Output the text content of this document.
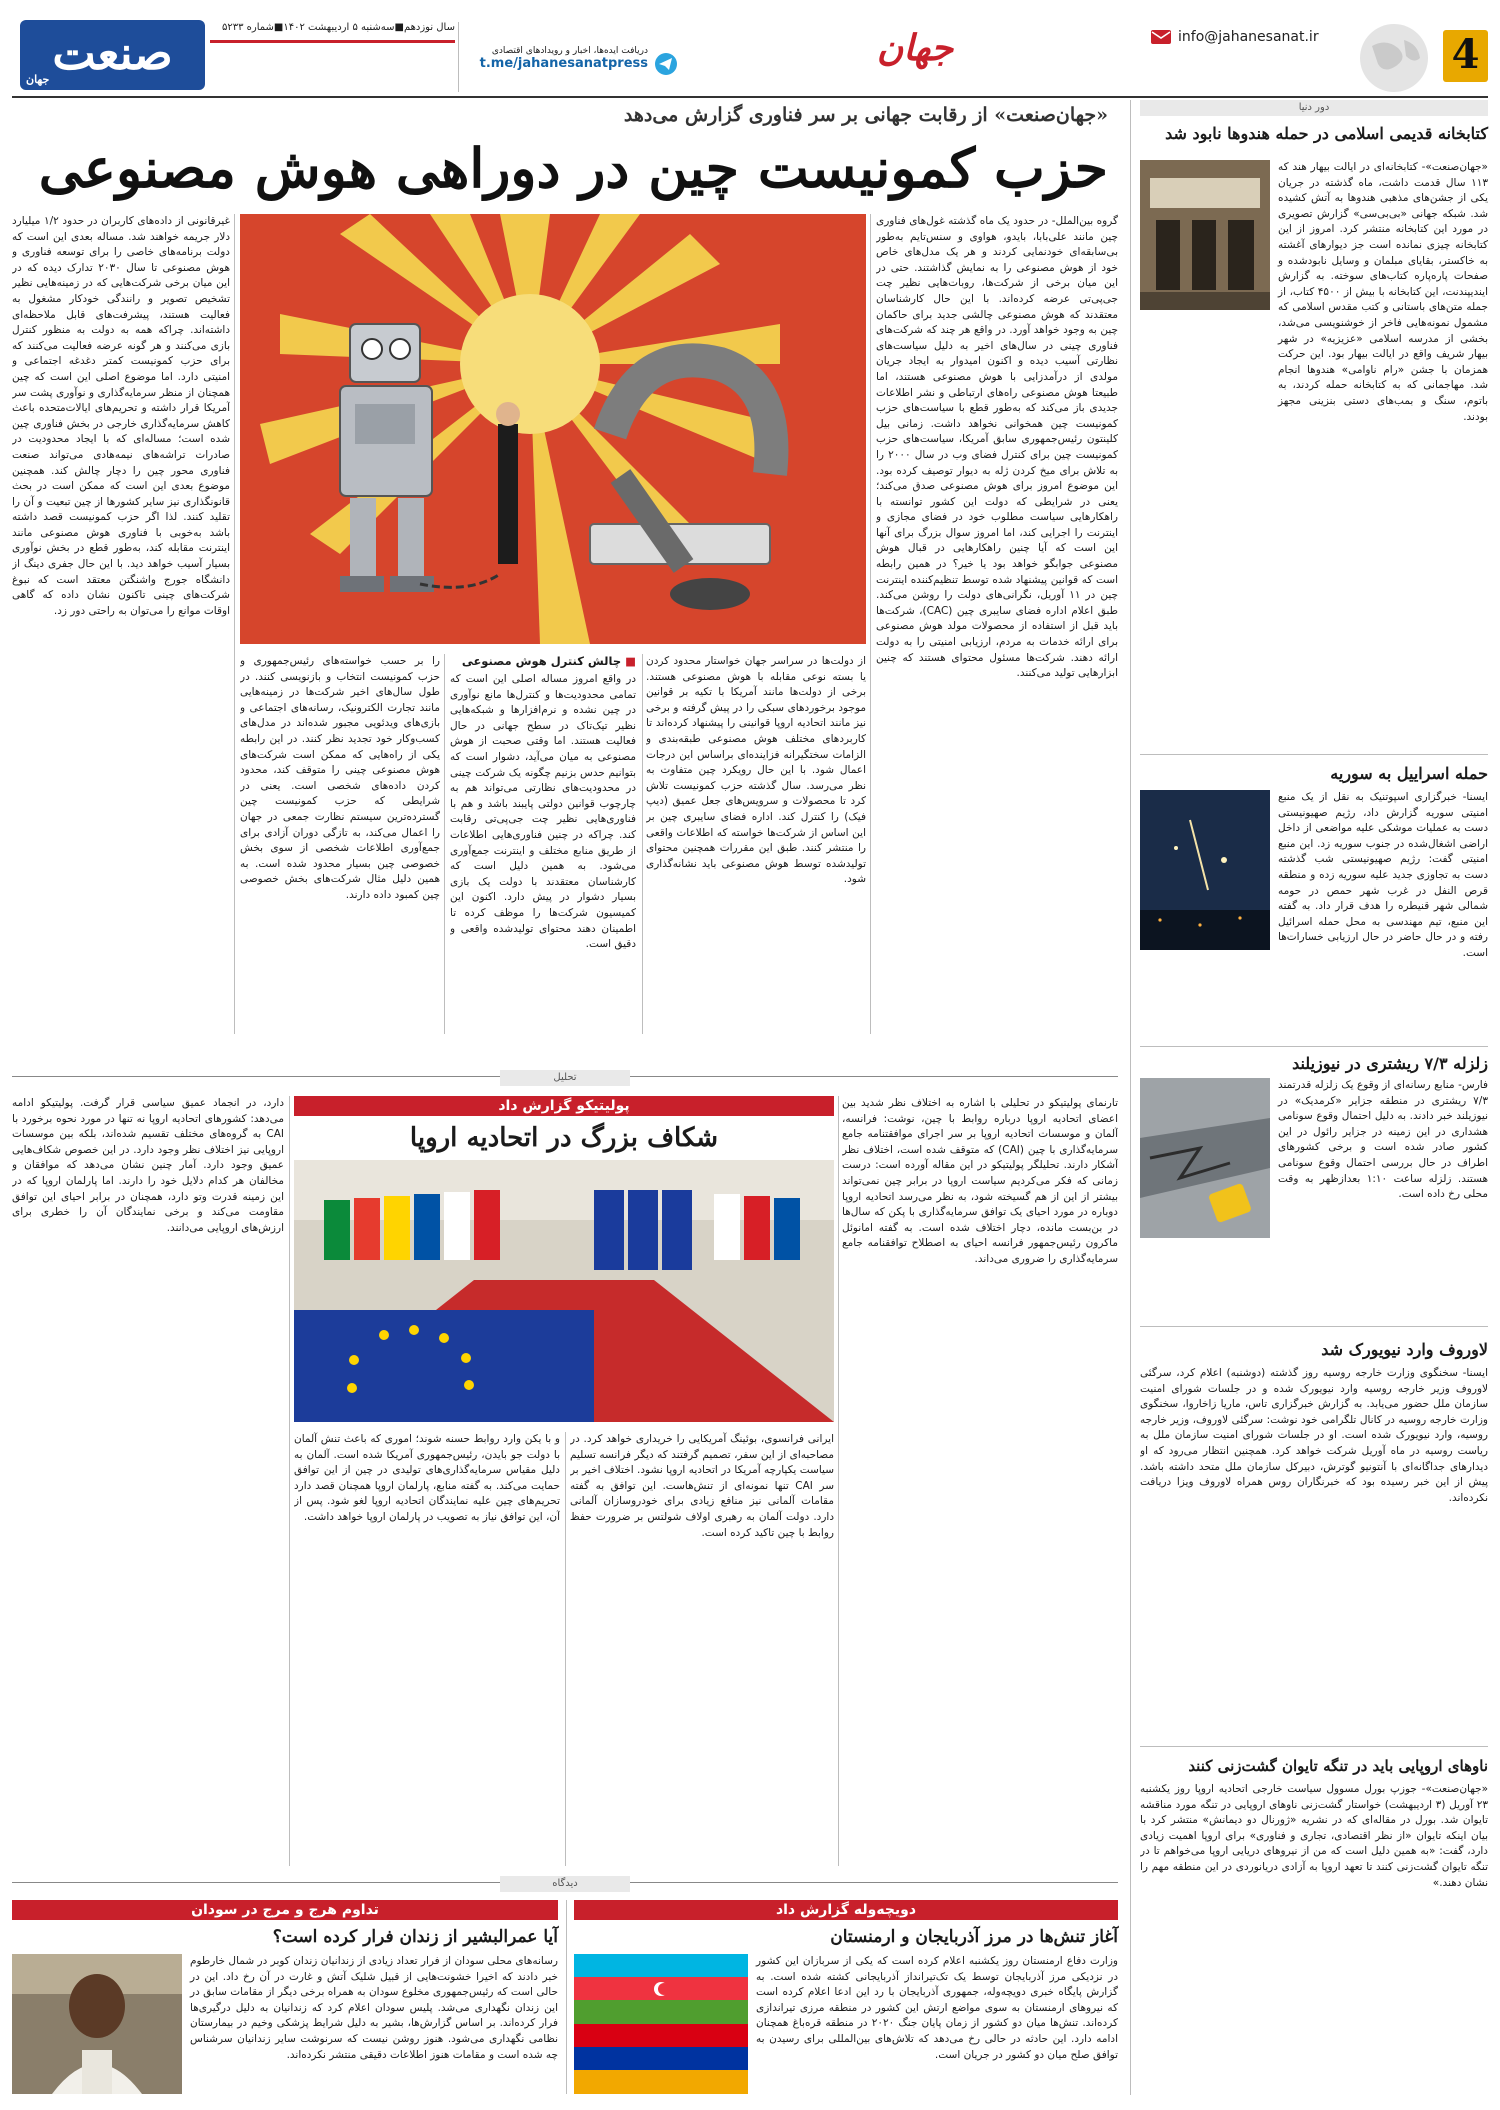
4
info@jahanesanat.ir
جهان
دریافت ایده‌ها، اخبار و رویدادهای اقتصادی
t.me/jahanesanatpress
سال نوزدهم■سه‌شنبه ۵ اردیبهشت ۱۴۰۲■شماره ۵۲۳۳
صنعت
جهان
دور دنیا
کتابخانه قدیمی اسلامی در حمله هندوها نابود شد

«جهان‌صنعت»- کتابخانه‌ای در ایالت بیهار هند که ۱۱۳ سال قدمت داشت، ماه گذشته در جریان یکی از جشن‌های مذهبی هندوها به آتش کشیده شد. شبکه جهانی «بی‌بی‌سی» گزارش تصویری در مورد این کتابخانه منتشر کرد. امروز از این کتابخانه چیزی نمانده است جز دیوارهای آغشته به خاکستر، بقایای مبلمان و وسایل نابودشده و صفحات پاره‌پاره کتاب‌های سوخته. به گزارش ایندیپندنت، این کتابخانه با بیش از ۴۵۰۰ کتاب، از جمله متن‌های باستانی و کتب مقدس اسلامی که مشمول نمونه‌هایی فاخر از خوشنویسی می‌شد، بخشی از مدرسه اسلامی «عزیزیه» در شهر بیهار شریف واقع در ایالت بیهار بود. این حرکت همزمان با جشن «رام ناوامی» هندوها انجام شد. مهاجمانی که به کتابخانه حمله کردند، به باتوم، سنگ و بمب‌های دستی بنزینی مجهز بودند.

حمله اسراییل به سوریه

ایسنا- خبرگزاری اسپوتنیک به نقل از یک منبع امنیتی سوریه گزارش داد، رژیم صهیونیستی دست به عملیات موشکی علیه مواضعی از داخل اراضی اشغال‌شده در جنوب سوریه زد. این منبع امنیتی گفت: رژیم صهیونیستی شب گذشته دست به تجاوزی جدید علیه سوریه زده و منطقه قرص النفل در غرب شهر حمص در حومه شمالی شهر قنیطره را هدف قرار داد. به گفته این منبع، تیم مهندسی به محل حمله اسرائیل رفته و در حال حاضر در حال ارزیابی خسارات‌ها است.

زلزله ۷/۳ ریشتری در نیوزیلند

فارس- منابع رسانه‌ای از وقوع یک زلزله قدرتمند ۷/۳ ریشتری در منطقه جزایر «کرمدیک» در نیوزیلند خبر دادند. به دلیل احتمال وقوع سونامی هشداری در این زمینه در جزایر رائول در این کشور صادر شده است و برخی کشورهای اطراف در حال بررسی احتمال وقوع سونامی هستند. زلزله ساعت ۱:۱۰ بعدازظهر به وقت محلی رخ داده است.

لاوروف وارد نیویورک شد

ایسنا- سخنگوی وزارت خارجه روسیه روز گذشته (دوشنبه) اعلام کرد، سرگئی لاوروف وزیر خارجه روسیه وارد نیویورک شده و در جلسات شورای امنیت سازمان ملل حضور می‌یابد. به گزارش خبرگزاری تاس، ماریا زاخاروا، سخنگوی وزارت خارجه روسیه در کانال تلگرامی خود نوشت: سرگئی لاوروف، وزیر خارجه روسیه، وارد نیویورک شده است. او در جلسات شورای امنیت سازمان ملل به ریاست روسیه در ماه آوریل شرکت خواهد کرد. همچنین انتظار می‌رود که او دیدارهای جداگانه‌ای با آنتونیو گوترش، دبیرکل سازمان ملل متحد داشته باشد. پیش از این خبر رسیده بود که خبرنگاران روس همراه لاوروف ویزا دریافت نکرده‌اند.

ناوهای اروپایی باید در تنگه تایوان گشت‌زنی کنند

«جهان‌صنعت»- جوزپ بورل مسوول سیاست خارجی اتحادیه اروپا روز یکشنبه ۲۳ آوریل (۳ اردیبهشت) خواستار گشت‌زنی ناوهای اروپایی در تنگه مورد مناقشه تایوان شد. بورل در مقاله‌ای که در نشریه «ژورنال دو دیمانش» منتشر کرد با بیان اینکه تایوان «از نظر اقتصادی، تجاری و فناوری» برای اروپا اهمیت زیادی دارد، گفت: «به همین دلیل است که من از نیروهای دریایی اروپا می‌خواهم تا در تنگه تایوان گشت‌زنی کنند تا تعهد اروپا به آزادی دریانوردی در این منطقه مهم را نشان دهند.»

«جهان‌صنعت» از رقابت جهانی بر سر فناوری گزارش می‌دهد
حزب کمونیست چین در دوراهی هوش مصنوعی

گروه بین‌الملل- در حدود یک ماه گذشته غول‌های فناوری چین مانند علی‌بابا، بایدو، هواوی و سنس‌تایم به‌طور بی‌سابقه‌ای خودنمایی کردند و هر یک مدل‌های خاص خود از هوش مصنوعی را به نمایش گذاشتند. حتی در این میان برخی از شرکت‌ها، روبات‌هایی نظیر چت جی‌پی‌تی عرضه کرده‌اند. با این حال کارشناسان معتقدند که هوش مصنوعی چالشی جدید برای حاکمان چین به وجود خواهد آورد. در واقع هر چند که شرکت‌های فناوری چینی در سال‌های اخیر به دلیل سیاست‌های نظارتی آسیب دیده و اکنون امیدوار به ایجاد جریان مولدی از درآمدزایی با هوش مصنوعی هستند، اما طبیعتا هوش مصنوعی راه‌های ارتباطی و نشر اطلاعات جدیدی باز می‌کند که به‌طور قطع با سیاست‌های حزب کمونیست چین همخوانی نخواهد داشت. زمانی بیل کلینتون رئیس‌جمهوری سابق آمریکا، سیاست‌های حزب کمونیست چین برای کنترل فضای وب در سال ۲۰۰۰ را به تلاش برای میخ کردن ژله به دیوار توصیف کرده بود. این موضوع امروز برای هوش مصنوعی صدق می‌کند؛ یعنی در شرایطی که دولت این کشور توانسته با راهکارهایی سیاست مطلوب خود در فضای مجازی و اینترنت را اجرایی کند، اما امروز سوال بزرگ برای آنها این است که آیا چنین راهکارهایی در قبال هوش مصنوعی جوابگو خواهد بود یا خیر؟ در همین رابطه است که قوانین پیشنهاد شده توسط تنظیم‌کننده اینترنت چین در ۱۱ آوریل، نگرانی‌های دولت را روشن می‌کند. طبق اعلام اداره فضای سایبری چین (CAC)، شرکت‌ها باید قبل از استفاده از محصولات مولد هوش مصنوعی برای ارائه خدمات به مردم، ارزیابی امنیتی را به دولت ارائه دهند. شرکت‌ها مسئول محتوای هستند که چنین ابزارهایی تولید می‌کنند.

از دولت‌ها در سراسر جهان خواستار محدود کردن یا بسته نوعی مقابله با هوش مصنوعی هستند. برخی از دولت‌ها مانند آمریکا با تکیه بر قوانین موجود برخوردهای سبکی را در پیش گرفته و برخی نیز مانند اتحادیه اروپا قوانینی را پیشنهاد کرده‌اند تا کاربردهای مختلف هوش مصنوعی طبقه‌بندی و الزامات سختگیرانه فزاینده‌ای براساس این درجات اعمال شود. با این حال رویکرد چین متفاوت به نظر می‌رسد. سال گذشته حزب کمونیست تلاش کرد تا محصولات و سرویس‌های جعل عمیق (دیپ فیک) را کنترل کند. اداره فضای سایبری چین بر این اساس از شرکت‌ها خواسته که اطلاعات واقعی را منتشر کنند. طبق این مقررات همچنین محتوای تولیدشده توسط هوش مصنوعی باید نشانه‌گذاری شود.

■ چالش کنترل هوش مصنوعی

در واقع امروز مساله اصلی این است که تمامی محدودیت‌ها و کنترل‌ها مانع نوآوری در چین نشده و نرم‌افزارها و شبکه‌هایی نظیر تیک‌تاک در سطح جهانی در حال فعالیت هستند. اما وقتی صحبت از هوش مصنوعی به میان می‌آید، دشوار است که بتوانیم حدس بزنیم چگونه یک شرکت چینی در محدودیت‌های نظارتی می‌تواند هم به چارچوب قوانین دولتی پایبند باشد و هم با فناوری‌هایی نظیر چت جی‌پی‌تی رقابت کند. چراکه در چنین فناوری‌هایی اطلاعات از طریق منابع مختلف و اینترنت جمع‌آوری می‌شود. به همین دلیل است که کارشناسان معتقدند با دولت یک بازی بسیار دشوار در پیش دارد. اکنون این کمیسیون شرکت‌ها را موظف کرده تا اطمینان دهند محتوای تولیدشده واقعی و دقیق است.

را بر حسب خواسته‌های رئیس‌جمهوری و حزب کمونیست انتخاب و بازنویسی کنند. در طول سال‌های اخیر شرکت‌ها در زمینه‌هایی مانند تجارت الکترونیک، رسانه‌های اجتماعی و بازی‌های ویدئویی مجبور شده‌اند در مدل‌های کسب‌وکار خود تجدید نظر کنند. در این رابطه یکی از راه‌هایی که ممکن است شرکت‌های هوش مصنوعی چینی را متوقف کند، محدود کردن داده‌های شخصی است. یعنی در شرایطی که حزب کمونیست چین گسترده‌ترین سیستم نظارت جمعی در جهان را اعمال می‌کند، به تازگی دوران آزادی برای جمع‌آوری اطلاعات شخصی از سوی بخش خصوصی چین بسیار محدود شده است. به همین دلیل مثال شرکت‌های بخش خصوصی چین کمبود داده دارند.

غیرقانونی از داده‌های کاربران در حدود ۱/۲ میلیارد دلار جریمه خواهند شد. مساله بعدی این است که دولت برنامه‌های خاصی را برای توسعه فناوری و هوش مصنوعی تا سال ۲۰۳۰ تدارک دیده که در این میان برخی شرکت‌هایی که در زمینه‌هایی نظیر تشخیص تصویر و رانندگی خودکار مشغول به فعالیت هستند، پیشرفت‌های قابل ملاحظه‌ای داشته‌اند. چراکه همه به دولت به منظور کنترل بازی می‌کنند و هر گونه عرضه فعالیت می‌کنند که برای حزب کمونیست کمتر دغدغه اجتماعی و امنیتی دارد. اما موضوع اصلی این است که چین همچنان از منظر سرمایه‌گذاری و نوآوری پشت سر آمریکا قرار داشته و تحریم‌های ایالات‌متحده باعث کاهش سرمایه‌گذاری خارجی در بخش فناوری چین شده است؛ مساله‌ای که با ایجاد محدودیت در صادرات تراشه‌های نیمه‌هادی می‌تواند صنعت فناوری محور چین را دچار چالش کند. همچنین موضوع بعدی این است که ممکن است در بحث قانونگذاری نیز سایر کشورها از چین تبعیت و آن را تقلید کنند. لذا اگر حزب کمونیست قصد داشته باشد به‌خوبی با فناوری هوش مصنوعی مانند اینترنت مقابله کند، به‌طور قطع در بخش نوآوری بسیار آسیب خواهد دید. با این حال جفری دینگ از دانشگاه جورج واشنگتن معتقد است که نبوغ شرکت‌های چینی تاکنون نشان داده که گاهی اوقات موانع را می‌توان به راحتی دور زد.

تحلیل
پولیتیکو گزارش داد
شکاف بزرگ در اتحادیه اروپا

تارنمای پولیتیکو در تحلیلی با اشاره به اختلاف نظر شدید بین اعضای اتحادیه اروپا درباره روابط با چین، نوشت: فرانسه، آلمان و موسسات اتحادیه اروپا بر سر اجرای موافقتنامه جامع سرمایه‌گذاری با چین (CAI) که متوقف شده است، اختلاف نظر آشکار دارند. تحلیلگر پولیتیکو در این مقاله آورده است: درست زمانی که فکر می‌کردیم سیاست اروپا در برابر چین نمی‌تواند بیشتر از این از هم گسیخته شود، به نظر می‌رسد اتحادیه اروپا دوباره در مورد احیای یک توافق سرمایه‌گذاری با پکن که سال‌ها در بن‌بست مانده، دچار اختلاف شده است. به گفته امانوئل ماکرون رئیس‌جمهور فرانسه احیای به اصطلاح توافقنامه جامع سرمایه‌گذاری را ضروری می‌داند.

ایرانی فرانسوی، بوئینگ آمریکایی را خریداری خواهد کرد. در مصاحبه‌ای از این سفر، تصمیم گرفتند که دیگر فرانسه تسلیم سیاست یکپارچه آمریکا در اتحادیه اروپا نشود. اختلاف اخیر بر سر CAI تنها نمونه‌ای از تنش‌هاست. این توافق به گفته مقامات آلمانی نیز منافع زیادی برای خودروسازان آلمانی دارد. دولت آلمان به رهبری اولاف شولتس بر ضرورت حفظ روابط با چین تاکید کرده است.

و با یکن وارد روابط حسنه شوند؛ اموری که باعث تنش آلمان با دولت جو بایدن، رئیس‌جمهوری آمریکا شده است. آلمان به دلیل مقیاس سرمایه‌گذاری‌های تولیدی در چین از این توافق حمایت می‌کند. به گفته منابع، پارلمان اروپا همچنان قصد دارد تحریم‌های چین علیه نمایندگان اتحادیه اروپا لغو شود. پس از آن، این توافق نیاز به تصویب در پارلمان اروپا خواهد داشت.

دارد، در انجماد عمیق سیاسی قرار گرفت. پولیتیکو ادامه می‌دهد: کشورهای اتحادیه اروپا نه تنها در مورد نحوه برخورد با CAI به گروه‌های مختلف تقسیم شده‌اند، بلکه بین موسسات اروپایی نیز اختلاف نظر وجود دارد. در این خصوص شکاف‌هایی عمیق وجود دارد. آمار چنین نشان می‌دهد که موافقان و مخالفان هر کدام دلایل خود را دارند. اما پارلمان اروپا که در این زمینه قدرت وتو دارد، همچنان در برابر احیای این توافق مقاومت می‌کند و برخی نمایندگان آن را خطری برای ارزش‌های اروپایی می‌دانند.

دیدگاه
دویچه‌وله گزارش داد
آغاز تنش‌ها در مرز آذربایجان و ارمنستان

وزارت دفاع ارمنستان روز یکشنبه اعلام کرده است که یکی از سربازان این کشور در نزدیکی مرز آذربایجان توسط یک تک‌تیرانداز آذربایجانی کشته شده است. به گزارش پایگاه خبری دویچه‌وله، جمهوری آذربایجان با رد این ادعا اعلام کرده است که نیروهای ارمنستان به سوی مواضع ارتش این کشور در منطقه مرزی تیراندازی کرده‌اند. تنش‌ها میان دو کشور از زمان پایان جنگ ۲۰۲۰ در منطقه قره‌باغ همچنان ادامه دارد. این حادثه در حالی رخ می‌دهد که تلاش‌های بین‌المللی برای رسیدن به توافق صلح میان دو کشور در جریان است.

تداوم هرج و مرج در سودان
آیا عمرالبشیر از زندان فرار کرده است؟

رسانه‌های محلی سودان از فرار تعداد زیادی از زندانیان زندان کوبر در شمال خارطوم خبر دادند که اخیرا خشونت‌هایی از قبیل شلیک آتش و غارت در آن رخ داد. این در حالی است که رئیس‌جمهوری مخلوع سودان به همراه برخی دیگر از مقامات سابق در این زندان نگهداری می‌شد. پلیس سودان اعلام کرد که زندانیان به دلیل درگیری‌ها فرار کرده‌اند. بر اساس گزارش‌ها، بشیر به دلیل شرایط پزشکی وخیم در بیمارستان نظامی نگهداری می‌شود. هنوز روشن نیست که سرنوشت سایر زندانیان سرشناس چه شده است و مقامات هنوز اطلاعات دقیقی منتشر نکرده‌اند.
